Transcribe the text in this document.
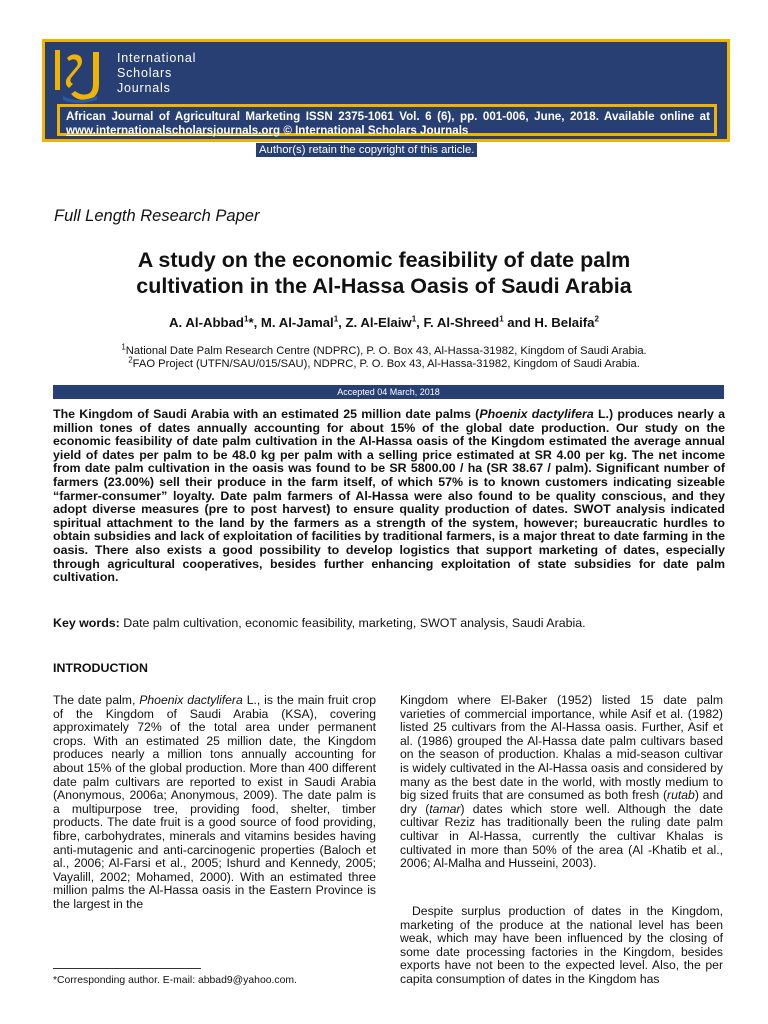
International
Scholars
Journals
African Journal of Agricultural Marketing ISSN 2375-1061 Vol. 6 (6), pp. 001-006, June, 2018. Available online at www.internationalscholarsjournals.org © International Scholars Journals
Author(s) retain the copyright of this article.
Full Length Research Paper
A study on the economic feasibility of date palm
cultivation in the Al-Hassa Oasis of Saudi Arabia
A. Al-Abbad$^1$*, M. Al-Jamal$^1$, Z. Al-Elaiw$^1$, F. Al-Shreed$^1$ and H. Belaifa$^2$
$^1$National Date Palm Research Centre (NDPRC), P. O. Box 43, Al-Hassa-31982, Kingdom of Saudi Arabia.
$^2$FAO Project (UTFN/SAU/015/SAU), NDPRC, P. O. Box 43, Al-Hassa-31982, Kingdom of Saudi Arabia.
Accepted 04 March, 2018

The Kingdom of Saudi Arabia with an estimated 25 million date palms (Phoenix dactylifera L.) produces nearly a million tones of dates annually accounting for about 15% of the global date production. Our study on the economic feasibility of date palm cultivation in the Al-Hassa oasis of the Kingdom estimated the average annual yield of dates per palm to be 48.0 kg per palm with a selling price estimated at SR 4.00 per kg. The net income from date palm cultivation in the oasis was found to be SR 5800.00 / ha (SR 38.67 / palm). Significant number of farmers (23.00%) sell their produce in the farm itself, of which 57% is to known customers indicating sizeable “farmer-consumer” loyalty. Date palm farmers of Al-Hassa were also found to be quality conscious, and they adopt diverse measures (pre to post harvest) to ensure quality production of dates. SWOT analysis indicated spiritual attachment to the land by the farmers as a strength of the system, however; bureaucratic hurdles to obtain subsidies and lack of exploitation of facilities by traditional farmers, is a major threat to date farming in the oasis. There also exists a good possibility to develop logistics that support marketing of dates, especially through agricultural cooperatives, besides further enhancing exploitation of state subsidies for date palm cultivation.

Key words: Date palm cultivation, economic feasibility, marketing, SWOT analysis, Saudi Arabia.
INTRODUCTION

The date palm, Phoenix dactylifera L., is the main fruit crop of the Kingdom of Saudi Arabia (KSA), covering approximately 72% of the total area under permanent crops. With an estimated 25 million date, the Kingdom produces nearly a million tons annually accounting for about 15% of the global production. More than 400 different date palm cultivars are reported to exist in Saudi Arabia (Anonymous, 2006a; Anonymous, 2009). The date palm is a multipurpose tree, providing food, shelter, timber products. The date fruit is a good source of food providing, fibre, carbohydrates, minerals and vitamins besides having anti-mutagenic and anti-carcinogenic properties (Baloch et al., 2006; Al-Farsi et al., 2005; Ishurd and Kennedy, 2005; Vayalill, 2002; Mohamed, 2000). With an estimated three million palms the Al-Hassa oasis in the Eastern Province is the largest in the

Kingdom where El-Baker (1952) listed 15 date palm varieties of commercial importance, while Asif et al. (1982) listed 25 cultivars from the Al-Hassa oasis. Further, Asif et al. (1986) grouped the Al-Hassa date palm cultivars based on the season of production. Khalas a mid-season cultivar is widely cultivated in the Al-Hassa oasis and considered by many as the best date in the world, with mostly medium to big sized fruits that are consumed as both fresh (rutab) and dry (tamar) dates which store well. Although the date cultivar Reziz has traditionally been the ruling date palm cultivar in Al-Hassa, currently the cultivar Khalas is cultivated in more than 50% of the area (Al -Khatib et al., 2006; Al-Malha and Husseini, 2003).

Despite surplus production of dates in the Kingdom, marketing of the produce at the national level has been weak, which may have been influenced by the closing of some date processing factories in the Kingdom, besides exports have not been to the expected level. Also, the per capita consumption of dates in the Kingdom has

*Corresponding author. E-mail: abbad9@yahoo.com.
